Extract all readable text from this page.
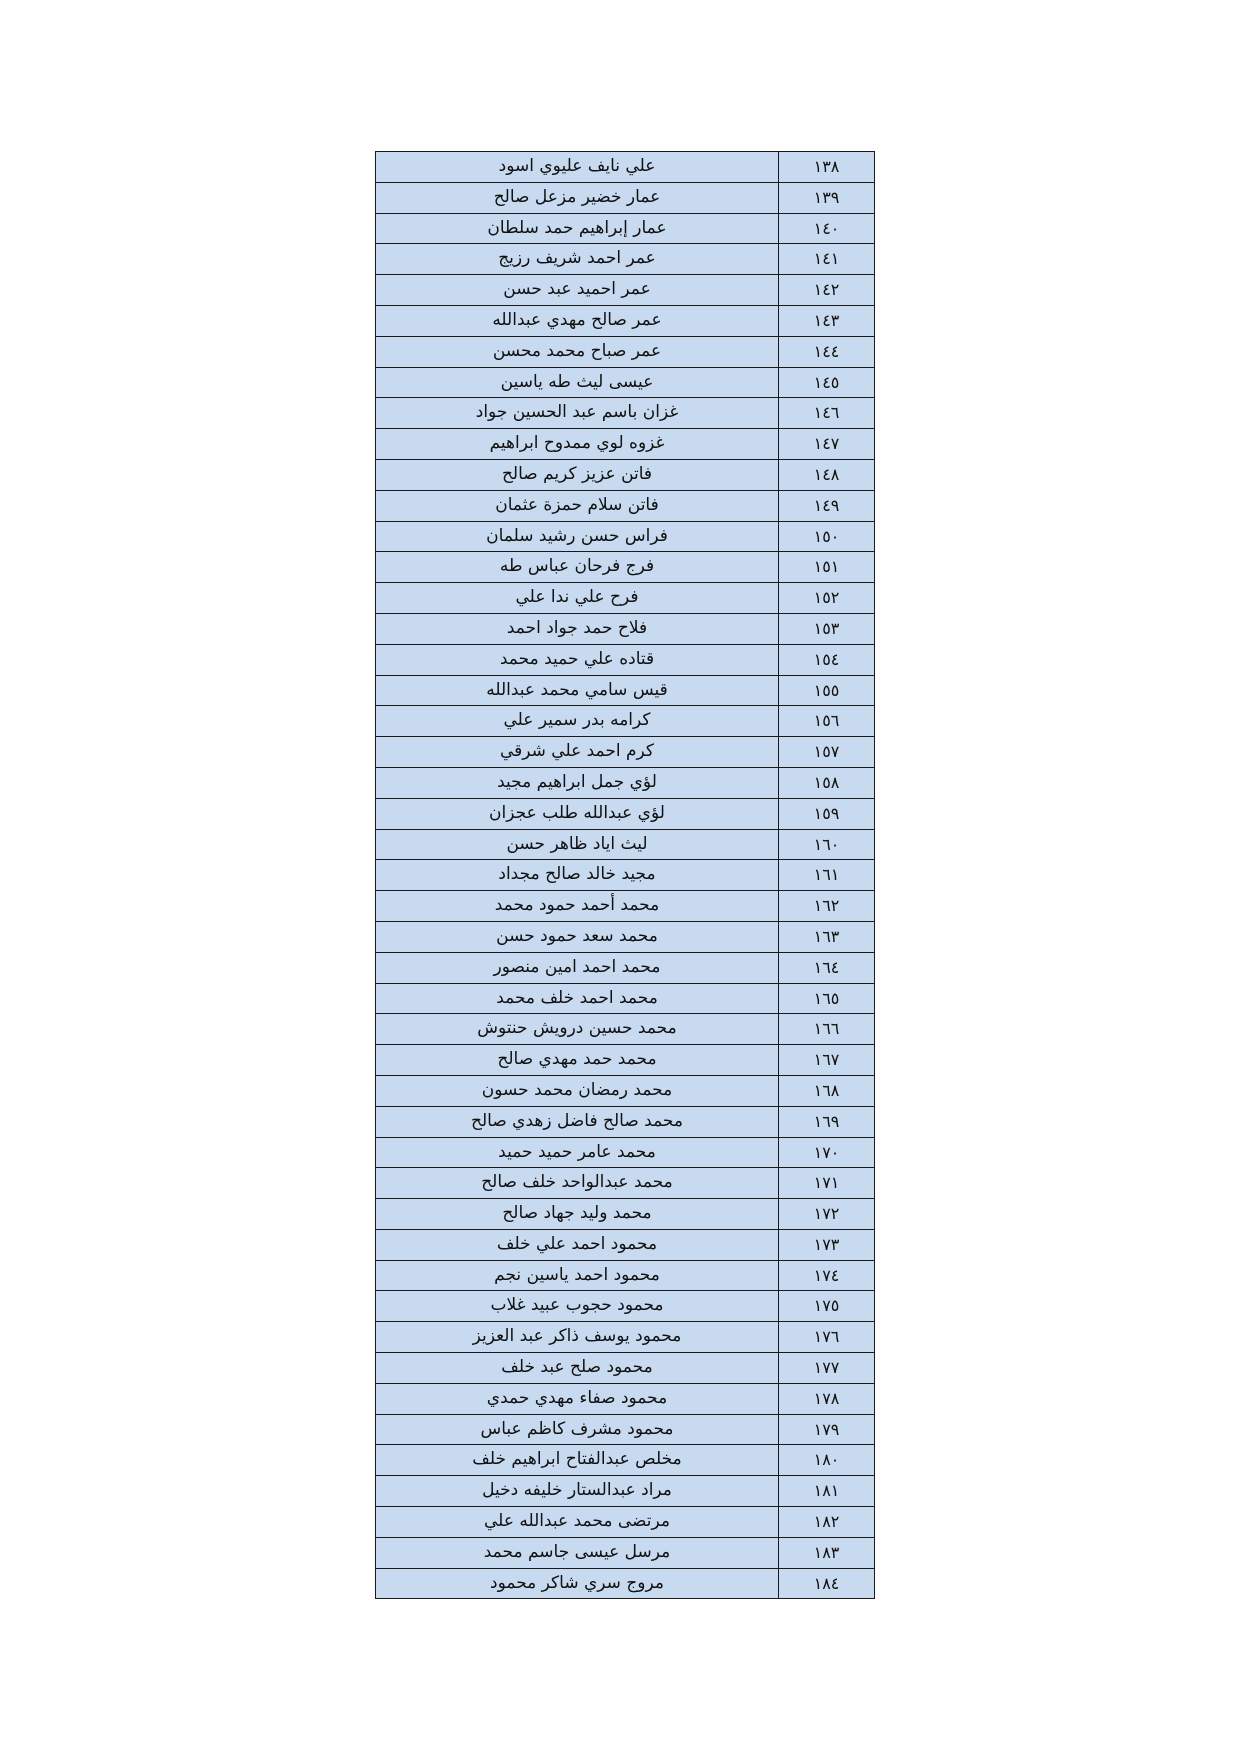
علي نايف عليوي اسود	١٣٨
عمار خضير مزعل صالح	١٣٩
عمار إبراهيم حمد سلطان	١٤٠
عمر احمد شريف رزيج	١٤١
عمر احميد عبد حسن	١٤٢
عمر صالح مهدي عبدالله	١٤٣
عمر صباح محمد محسن	١٤٤
عيسى ليث طه ياسين	١٤٥
غزان باسم عبد الحسين جواد	١٤٦
غزوه لوي ممدوح ابراهيم	١٤٧
فاتن عزيز كريم صالح	١٤٨
فاتن سلام حمزة عثمان	١٤٩
فراس حسن رشيد سلمان	١٥٠
فرج فرحان عباس طه	١٥١
فرح علي ندا علي	١٥٢
فلاح حمد جواد احمد	١٥٣
قتاده علي حميد محمد	١٥٤
قيس سامي محمد عبدالله	١٥٥
كرامه بدر سمير علي	١٥٦
كرم احمد علي شرقي	١٥٧
لؤي جمل ابراهيم مجيد	١٥٨
لؤي عبدالله طلب عجزان	١٥٩
ليث اياد ظاهر حسن	١٦٠
مجيد خالد صالح مجداد	١٦١
محمد أحمد حمود محمد	١٦٢
محمد سعد حمود حسن	١٦٣
محمد احمد امين منصور	١٦٤
محمد احمد خلف محمد	١٦٥
محمد حسين درويش حنتوش	١٦٦
محمد حمد مهدي صالح	١٦٧
محمد رمضان محمد حسون	١٦٨
محمد صالح فاضل زهدي صالح	١٦٩
محمد عامر حميد حميد	١٧٠
محمد عبدالواحد خلف صالح	١٧١
محمد وليد جهاد صالح	١٧٢
محمود احمد علي خلف	١٧٣
محمود احمد ياسين نجم	١٧٤
محمود حجوب عبيد غلاب	١٧٥
محمود يوسف ذاكر عبد العزيز	١٧٦
محمود صلح عبد خلف	١٧٧
محمود صفاء مهدي حمدي	١٧٨
محمود مشرف كاظم عباس	١٧٩
مخلص عبدالفتاح ابراهيم خلف	١٨٠
مراد عبدالستار خليفه دخيل	١٨١
مرتضى محمد عبدالله علي	١٨٢
مرسل عيسى جاسم محمد	١٨٣
مروج سري شاكر محمود	١٨٤
